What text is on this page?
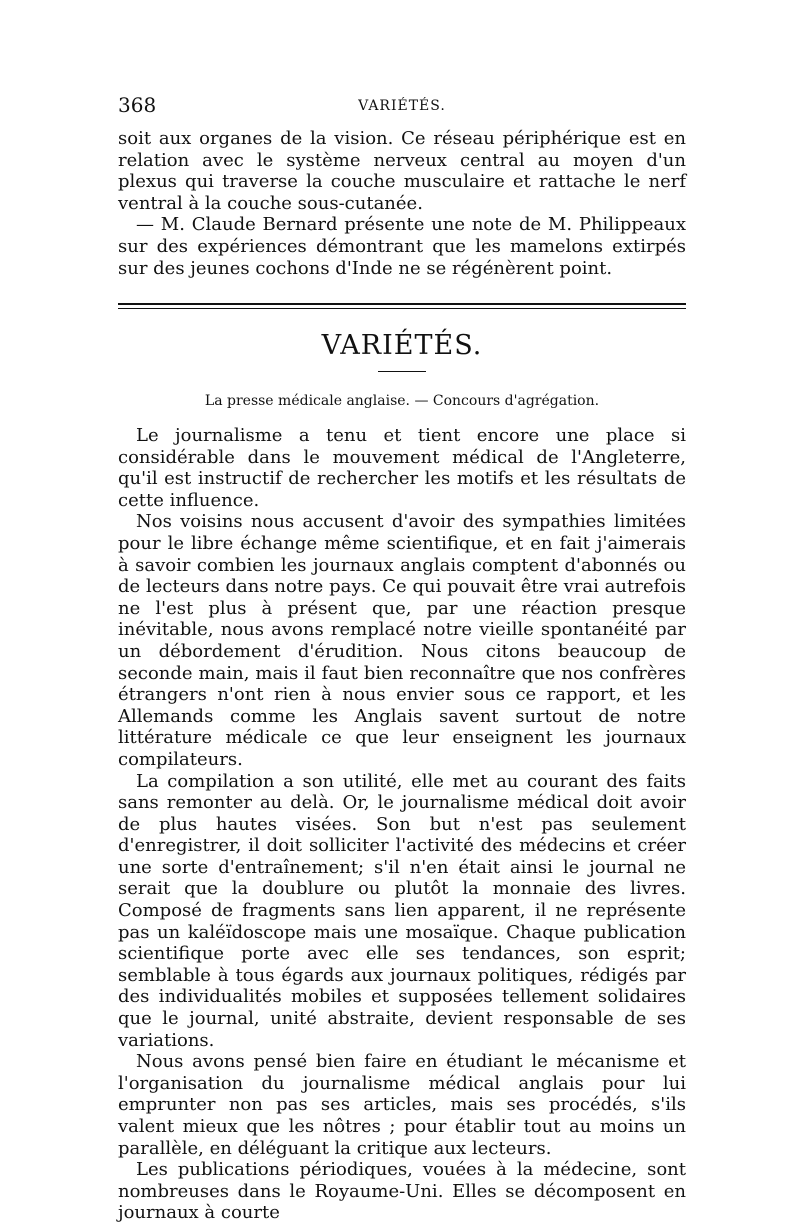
368	VARIÉTÉS.

soit aux organes de la vision. Ce réseau périphérique est en relation avec le système nerveux central au moyen d'un plexus qui traverse la couche musculaire et rattache le nerf ventral à la couche sous-cutanée.

— M. Claude Bernard présente une note de M. Philippeaux sur des expériences démontrant que les mamelons extirpés sur des jeunes cochons d'Inde ne se régénèrent point.

VARIÉTÉS.
La presse médicale anglaise. — Concours d'agrégation.

Le journalisme a tenu et tient encore une place si considérable dans le mouvement médical de l'Angleterre, qu'il est instructif de rechercher les motifs et les résultats de cette influence.

Nos voisins nous accusent d'avoir des sympathies limitées pour le libre échange même scientifique, et en fait j'aimerais à savoir combien les journaux anglais comptent d'abonnés ou de lecteurs dans notre pays. Ce qui pouvait être vrai autrefois ne l'est plus à présent que, par une réaction presque inévitable, nous avons remplacé notre vieille spontanéité par un débordement d'érudition. Nous citons beaucoup de seconde main, mais il faut bien reconnaître que nos confrères étrangers n'ont rien à nous envier sous ce rapport, et les Allemands comme les Anglais savent surtout de notre littérature médicale ce que leur enseignent les journaux compilateurs.

La compilation a son utilité, elle met au courant des faits sans remonter au delà. Or, le journalisme médical doit avoir de plus hautes visées. Son but n'est pas seulement d'enregistrer, il doit solliciter l'activité des médecins et créer une sorte d'entraînement; s'il n'en était ainsi le journal ne serait que la doublure ou plutôt la monnaie des livres. Composé de fragments sans lien apparent, il ne représente pas un kaléïdoscope mais une mosaïque. Chaque publication scientifique porte avec elle ses tendances, son esprit; semblable à tous égards aux journaux politiques, rédigés par des individualités mobiles et supposées tellement solidaires que le journal, unité abstraite, devient responsable de ses variations.

Nous avons pensé bien faire en étudiant le mécanisme et l'organisation du journalisme médical anglais pour lui emprunter non pas ses articles, mais ses procédés, s'ils valent mieux que les nôtres ; pour établir tout au moins un parallèle, en déléguant la critique aux lecteurs.

Les publications périodiques, vouées à la médecine, sont nombreuses dans le Royaume-Uni. Elles se décomposent en journaux à courte
